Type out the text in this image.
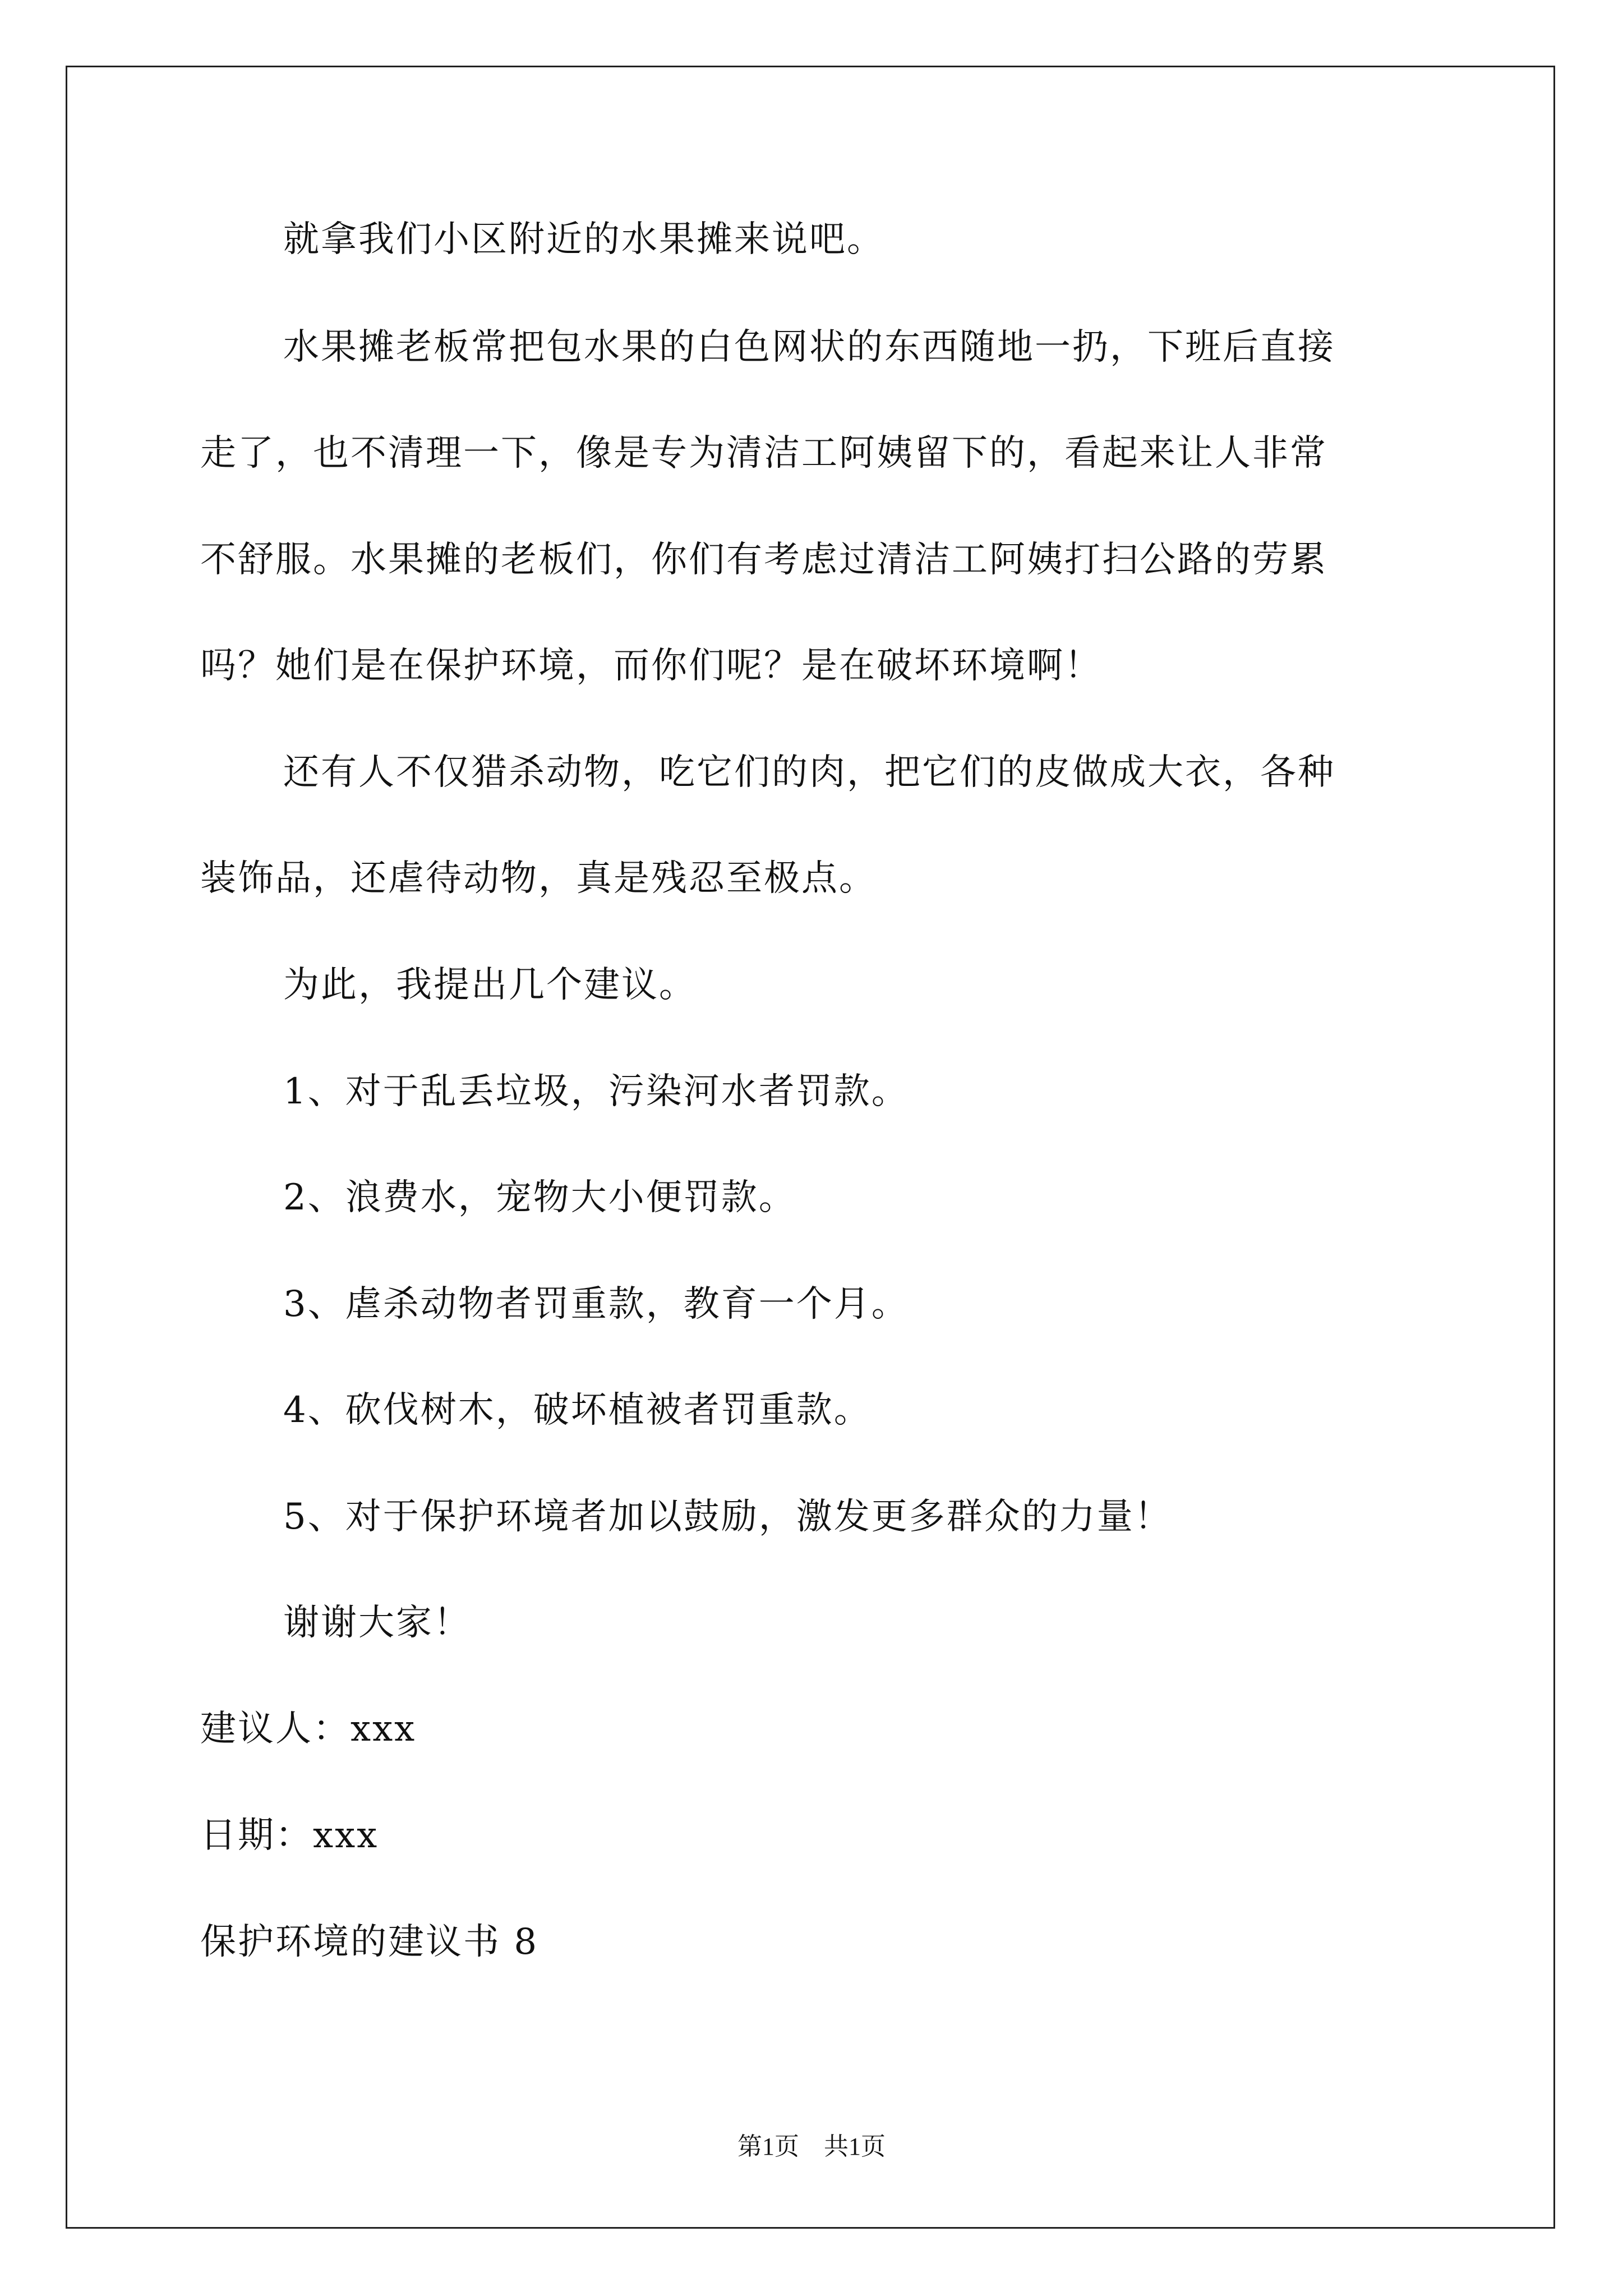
就拿我们小区附近的水果摊来说吧。
水果摊老板常把包水果的白色网状的东西随地一扔，下班后直接
走了，也不清理一下，像是专为清洁工阿姨留下的，看起来让人非常
不舒服。水果摊的老板们，你们有考虑过清洁工阿姨打扫公路的劳累
吗？她们是在保护环境，而你们呢？是在破坏环境啊！
还有人不仅猎杀动物，吃它们的肉，把它们的皮做成大衣，各种
装饰品，还虐待动物，真是残忍至极点。
为此，我提出几个建议。
1、对于乱丢垃圾，污染河水者罚款。
2、浪费水，宠物大小便罚款。
3、虐杀动物者罚重款，教育一个月。
4、砍伐树木，破坏植被者罚重款。
5、对于保护环境者加以鼓励，激发更多群众的力量！
谢谢大家！
建议人：xxx
日期：xxx
保护环境的建议书 8
第1页　共1页
